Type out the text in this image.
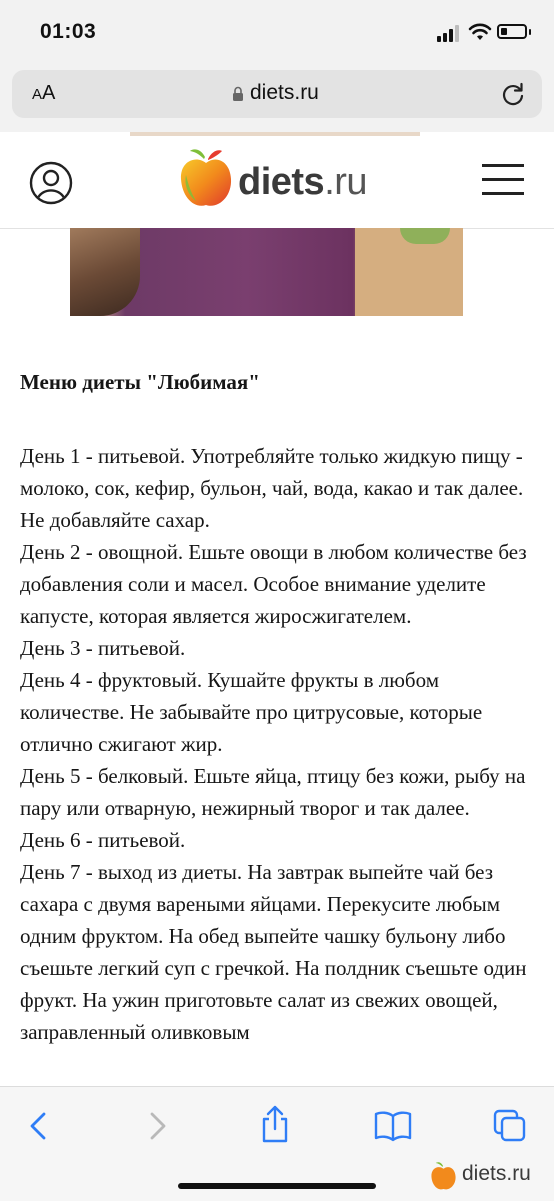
01:03
AA	diets.ru
diets.ru
Меню диеты "Любимая"

День 1 - питьевой. Употребляйте только жидкую пищу - молоко, сок, кефир, бульон, чай, вода, какао и так далее. Не добавляйте сахар.

День 2 - овощной. Ешьте овощи в любом количестве без добавления соли и масел. Особое внимание уделите капусте, которая является жиросжигателем.

День 3 - питьевой.

День 4 - фруктовый. Кушайте фрукты в любом количестве. Не забывайте про цитрусовые, которые отлично сжигают жир.

День 5 - белковый. Ешьте яйца, птицу без кожи, рыбу на пару или отварную, нежирный творог и так далее.

День 6 - питьевой.

День 7 - выход из диеты. На завтрак выпейте чай без сахара с двумя вареными яйцами. Перекусите любым одним фруктом. На обед выпейте чашку бульону либо съешьте легкий суп с гречкой. На полдник съешьте один фрукт. На ужин приготовьте салат из свежих овощей, заправленный оливковым

diets.ru
